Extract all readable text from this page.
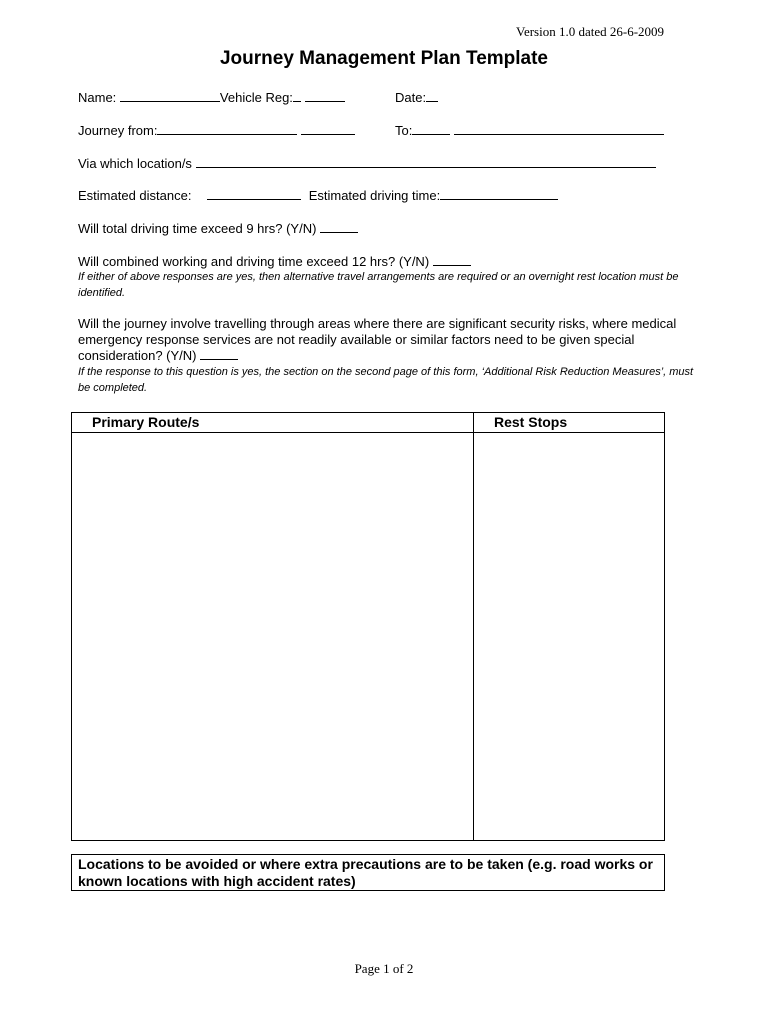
Version 1.0 dated 26-6-2009
Journey Management Plan Template
Name:	Vehicle Reg:	Date:
Journey from:	To:
Via which location/s
Estimated distance:	Estimated driving time:
Will total driving time exceed 9 hrs? (Y/N)
Will combined working and driving time exceed 12 hrs? (Y/N)
If either of above responses are yes, then alternative travel arrangements are required or an overnight rest location must be identified.
Will the journey involve travelling through areas where there are significant security risks, where medical emergency response services are not readily available or similar factors need to be given special consideration? (Y/N)
If the response to this question is yes, the section on the second page of this form, ‘Additional Risk Reduction Measures’, must be completed.
Primary Route/s	Rest Stops
Locations to be avoided or where extra precautions are to be taken (e.g. road works or known locations with high accident rates)
Page 1 of 2
